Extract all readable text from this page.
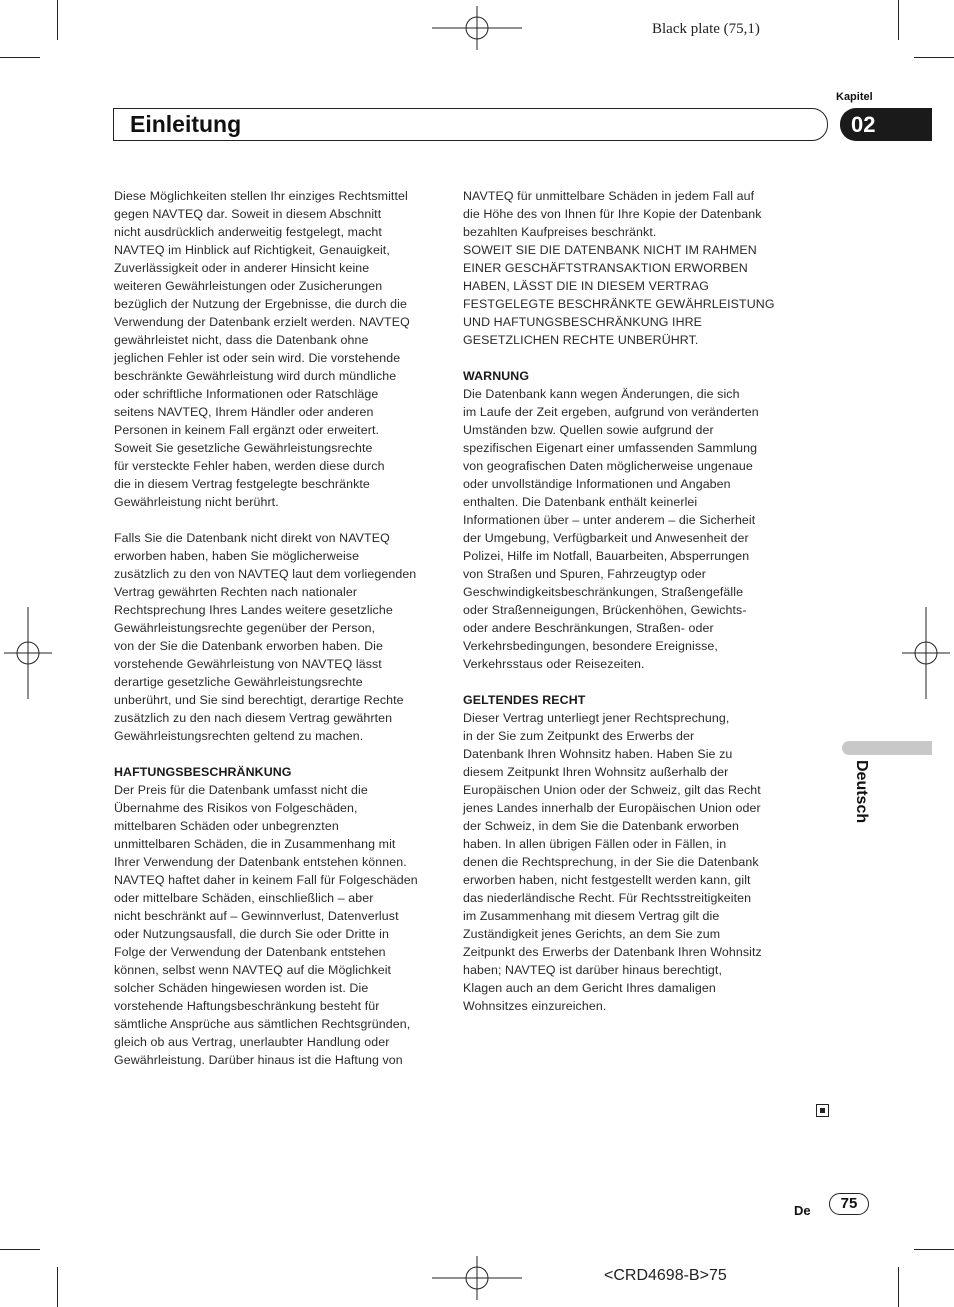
Black plate (75,1)
Kapitel
Einleitung	02
Deutsch

Diese Möglichkeiten stellen Ihr einziges Rechtsmittel
gegen NAVTEQ dar. Soweit in diesem Abschnitt
nicht ausdrücklich anderweitig festgelegt, macht
NAVTEQ im Hinblick auf Richtigkeit, Genauigkeit,
Zuverlässigkeit oder in anderer Hinsicht keine
weiteren Gewährleistungen oder Zusicherungen
bezüglich der Nutzung der Ergebnisse, die durch die
Verwendung der Datenbank erzielt werden. NAVTEQ
gewährleistet nicht, dass die Datenbank ohne
jeglichen Fehler ist oder sein wird. Die vorstehende
beschränkte Gewährleistung wird durch mündliche
oder schriftliche Informationen oder Ratschläge
seitens NAVTEQ, Ihrem Händler oder anderen
Personen in keinem Fall ergänzt oder erweitert.
Soweit Sie gesetzliche Gewährleistungsrechte
für versteckte Fehler haben, werden diese durch
die in diesem Vertrag festgelegte beschränkte
Gewährleistung nicht berührt.

Falls Sie die Datenbank nicht direkt von NAVTEQ
erworben haben, haben Sie möglicherweise
zusätzlich zu den von NAVTEQ laut dem vorliegenden
Vertrag gewährten Rechten nach nationaler
Rechtsprechung Ihres Landes weitere gesetzliche
Gewährleistungsrechte gegenüber der Person,
von der Sie die Datenbank erworben haben. Die
vorstehende Gewährleistung von NAVTEQ lässt
derartige gesetzliche Gewährleistungsrechte
unberührt, und Sie sind berechtigt, derartige Rechte
zusätzlich zu den nach diesem Vertrag gewährten
Gewährleistungsrechten geltend zu machen.

HAFTUNGSBESCHRÄNKUNG

Der Preis für die Datenbank umfasst nicht die
Übernahme des Risikos von Folgeschäden,
mittelbaren Schäden oder unbegrenzten
unmittelbaren Schäden, die in Zusammenhang mit
Ihrer Verwendung der Datenbank entstehen können.
NAVTEQ haftet daher in keinem Fall für Folgeschäden
oder mittelbare Schäden, einschließlich – aber
nicht beschränkt auf – Gewinnverlust, Datenverlust
oder Nutzungsausfall, die durch Sie oder Dritte in
Folge der Verwendung der Datenbank entstehen
können, selbst wenn NAVTEQ auf die Möglichkeit
solcher Schäden hingewiesen worden ist. Die
vorstehende Haftungsbeschränkung besteht für
sämtliche Ansprüche aus sämtlichen Rechtsgründen,
gleich ob aus Vertrag, unerlaubter Handlung oder
Gewährleistung. Darüber hinaus ist die Haftung von

NAVTEQ für unmittelbare Schäden in jedem Fall auf
die Höhe des von Ihnen für Ihre Kopie der Datenbank
bezahlten Kaufpreises beschränkt.

SOWEIT SIE DIE DATENBANK NICHT IM RAHMEN
EINER GESCHÄFTSTRANSAKTION ERWORBEN
HABEN, LÄSST DIE IN DIESEM VERTRAG
FESTGELEGTE BESCHRÄNKTE GEWÄHRLEISTUNG
UND HAFTUNGSBESCHRÄNKUNG IHRE
GESETZLICHEN RECHTE UNBERÜHRT.

WARNUNG

Die Datenbank kann wegen Änderungen, die sich
im Laufe der Zeit ergeben, aufgrund von veränderten
Umständen bzw. Quellen sowie aufgrund der
spezifischen Eigenart einer umfassenden Sammlung
von geografischen Daten möglicherweise ungenaue
oder unvollständige Informationen und Angaben
enthalten. Die Datenbank enthält keinerlei
Informationen über – unter anderem – die Sicherheit
der Umgebung, Verfügbarkeit und Anwesenheit der
Polizei, Hilfe im Notfall, Bauarbeiten, Absperrungen
von Straßen und Spuren, Fahrzeugtyp oder
Geschwindigkeitsbeschränkungen, Straßengefälle
oder Straßenneigungen, Brückenhöhen, Gewichts-
oder andere Beschränkungen, Straßen- oder
Verkehrsbedingungen, besondere Ereignisse,
Verkehrsstaus oder Reisezeiten.

GELTENDES RECHT

Dieser Vertrag unterliegt jener Rechtsprechung,
in der Sie zum Zeitpunkt des Erwerbs der
Datenbank Ihren Wohnsitz haben. Haben Sie zu
diesem Zeitpunkt Ihren Wohnsitz außerhalb der
Europäischen Union oder der Schweiz, gilt das Recht
jenes Landes innerhalb der Europäischen Union oder
der Schweiz, in dem Sie die Datenbank erworben
haben. In allen übrigen Fällen oder in Fällen, in
denen die Rechtsprechung, in der Sie die Datenbank
erworben haben, nicht festgestellt werden kann, gilt
das niederländische Recht. Für Rechtsstreitigkeiten
im Zusammenhang mit diesem Vertrag gilt die
Zuständigkeit jenes Gerichts, an dem Sie zum
Zeitpunkt des Erwerbs der Datenbank Ihren Wohnsitz
haben; NAVTEQ ist darüber hinaus berechtigt,
Klagen auch an dem Gericht Ihres damaligen
Wohnsitzes einzureichen.

De	75
<CRD4698-B>75
